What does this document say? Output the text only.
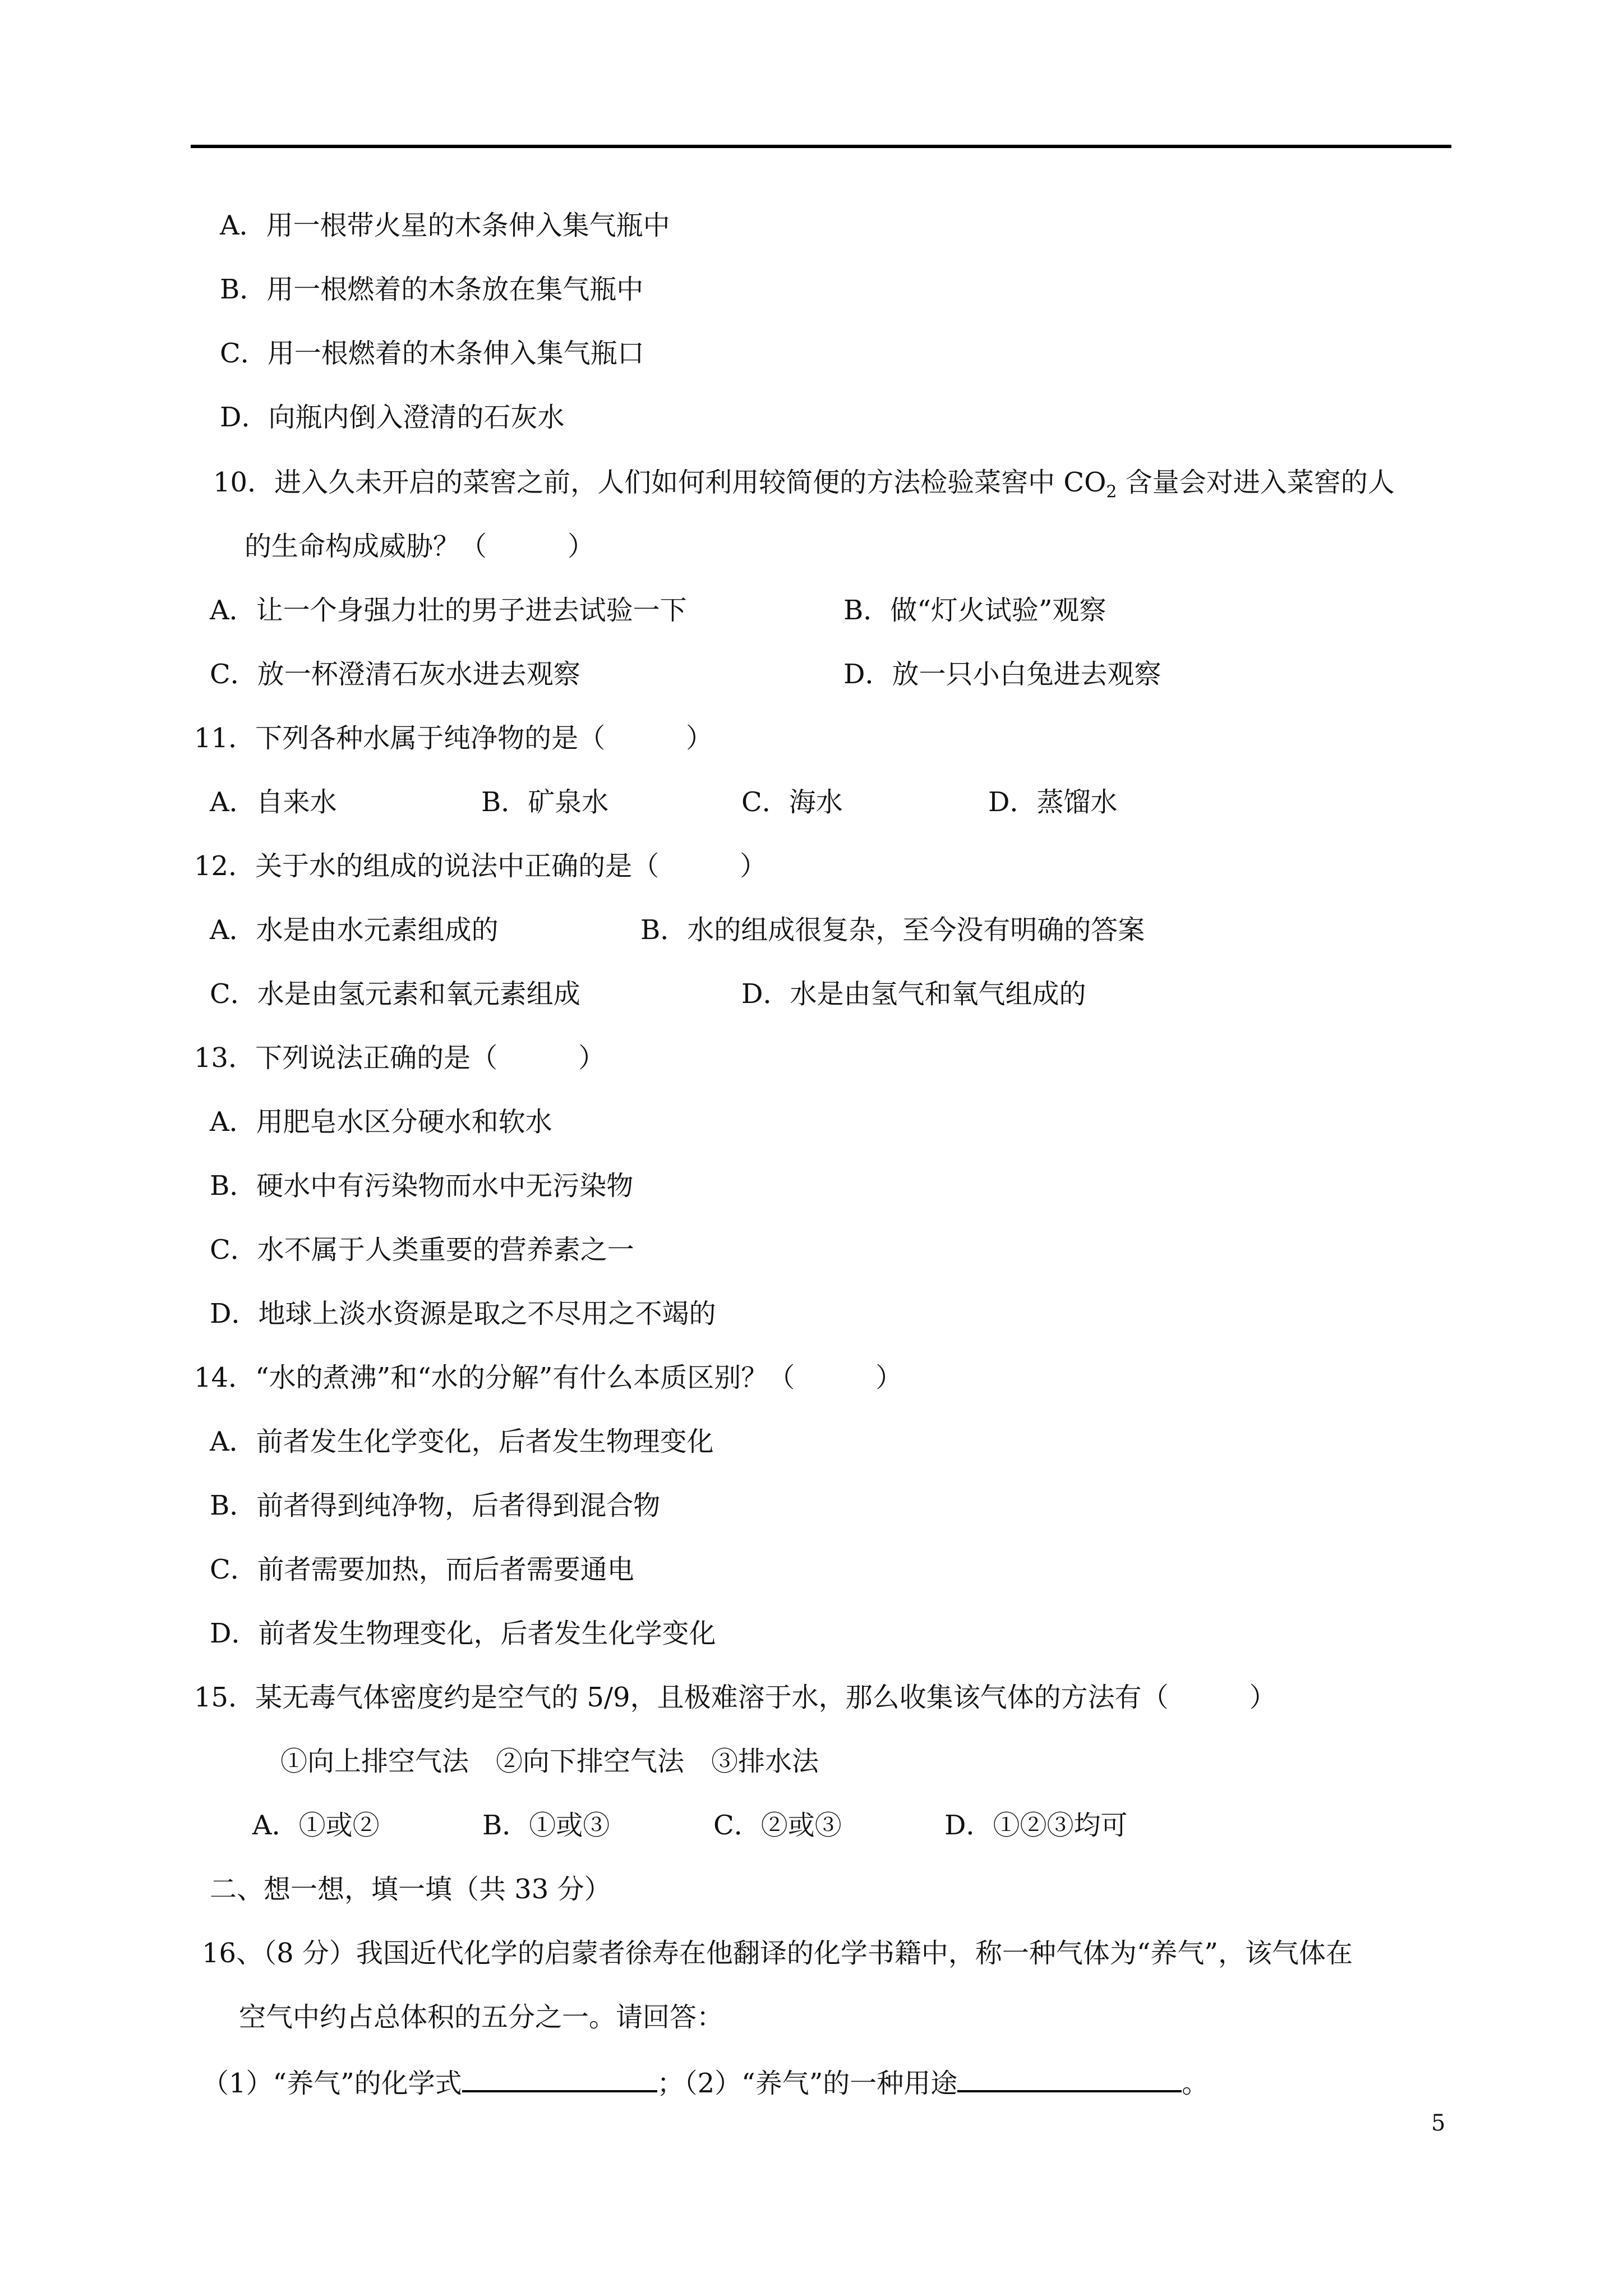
A．用一根带火星的木条伸入集气瓶中
B．用一根燃着的木条放在集气瓶中
C．用一根燃着的木条伸入集气瓶口
D．向瓶内倒入澄清的石灰水
10．进入久未开启的菜窖之前，人们如何利用较简便的方法检验菜窖中 $CO_2$ 含量会对进入菜窖的人
的生命构成威胁？（　　　）
A．让一个身强力壮的男子进去试验一下	B．做“灯火试验”观察
C．放一杯澄清石灰水进去观察	D．放一只小白兔进去观察
11．下列各种水属于纯净物的是（　　　）
A．自来水	B．矿泉水	C．海水	D．蒸馏水
12．关于水的组成的说法中正确的是（　　　）
A．水是由水元素组成的	B．水的组成很复杂，至今没有明确的答案
C．水是由氢元素和氧元素组成	D．水是由氢气和氧气组成的
13．下列说法正确的是（　　　）
A．用肥皂水区分硬水和软水
B．硬水中有污染物而水中无污染物
C．水不属于人类重要的营养素之一
D．地球上淡水资源是取之不尽用之不竭的
14．“水的煮沸”和“水的分解”有什么本质区别？（　　　）
A．前者发生化学变化，后者发生物理变化
B．前者得到纯净物，后者得到混合物
C．前者需要加热，而后者需要通电
D．前者发生物理变化，后者发生化学变化
15．某无毒气体密度约是空气的 5/9，且极难溶于水，那么收集该气体的方法有（　　　）
①向上排空气法　②向下排空气法　③排水法
A．①或②	B．①或③	C．②或③	D．①②③均可
二、想一想，填一填（共 33 分）
16、（8 分）我国近代化学的启蒙者徐寿在他翻译的化学书籍中，称一种气体为“养气”，该气体在
空气中约占总体积的五分之一。请回答：
（1）“养气”的化学式	；（2）“养气”的一种用途	。
5
